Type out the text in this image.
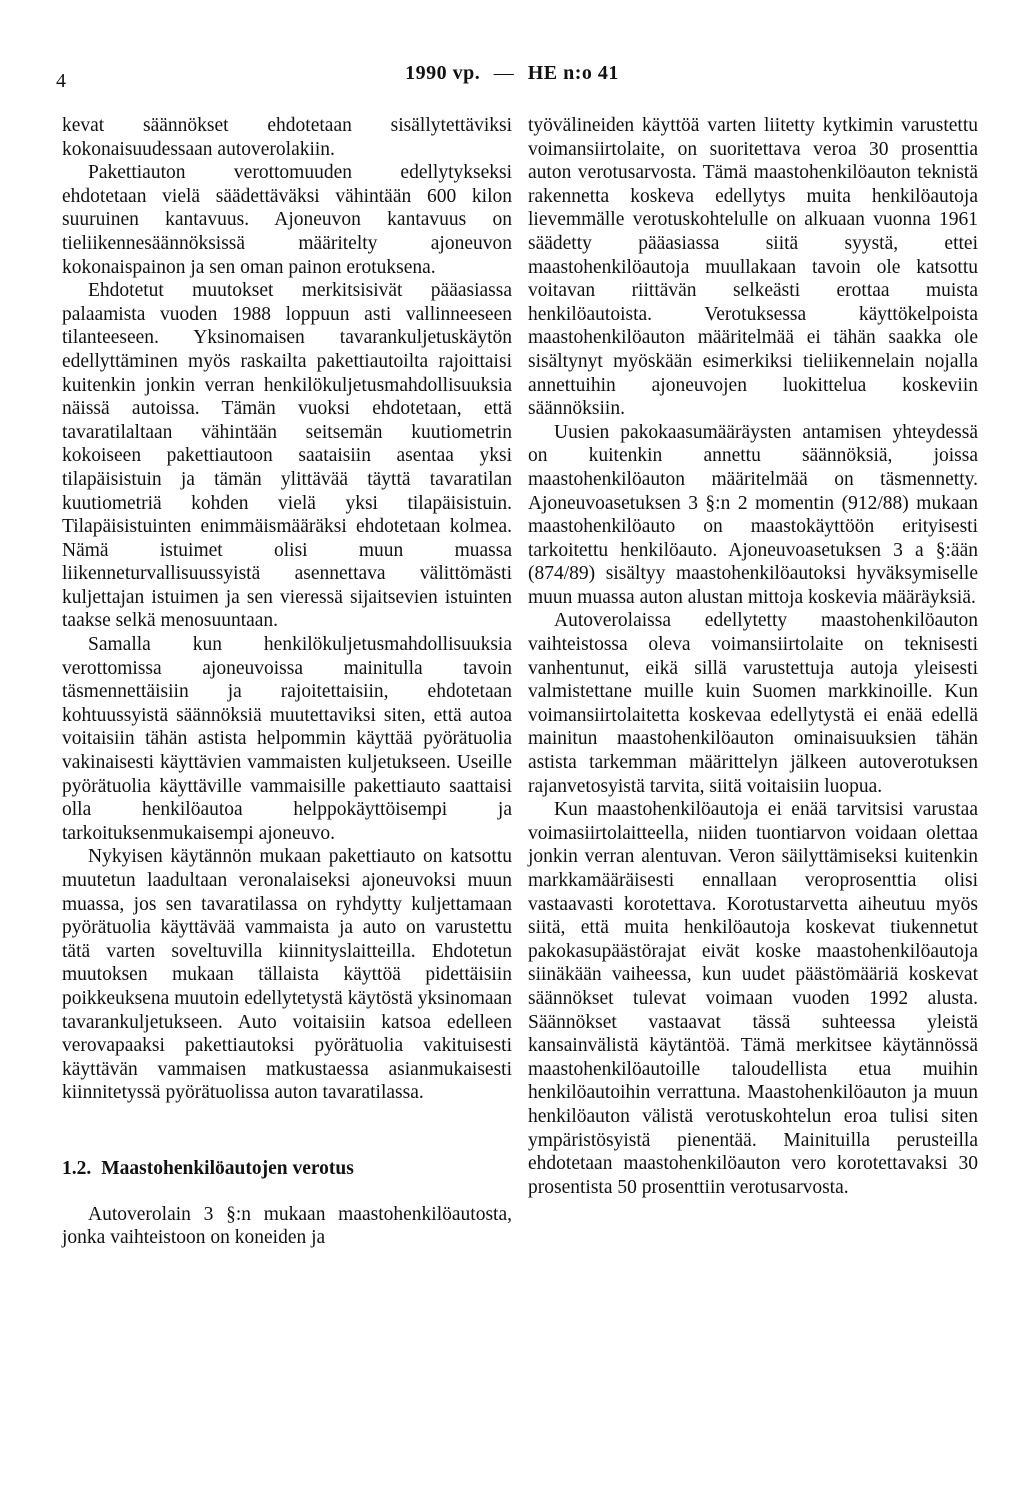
4	1990 vp. — HE n:o 41

kevat säännökset ehdotetaan sisällytettäviksi kokonaisuudessaan autoverolakiin.

Pakettiauton verottomuuden edellytykseksi ehdotetaan vielä säädettäväksi vähintään 600 kilon suuruinen kantavuus. Ajoneuvon kantavuus on tieliikennesäännöksissä määritelty ajoneuvon kokonaispainon ja sen oman painon erotuksena.

Ehdotetut muutokset merkitsisivät pääasiassa palaamista vuoden 1988 loppuun asti vallinneeseen tilanteeseen. Yksinomaisen tavarankuljetuskäytön edellyttäminen myös raskailta pakettiautoilta rajoittaisi kuitenkin jonkin verran henkilökuljetusmahdollisuuksia näissä autoissa. Tämän vuoksi ehdotetaan, että tavaratilaltaan vähintään seitsemän kuutiometrin kokoiseen pakettiautoon saataisiin asentaa yksi tilapäisistuin ja tämän ylittävää täyttä tavaratilan kuutiometriä kohden vielä yksi tilapäisistuin. Tilapäisistuinten enimmäismääräksi ehdotetaan kolmea. Nämä istuimet olisi muun muassa liikenneturvallisuussyistä asennettava välittömästi kuljettajan istuimen ja sen vieressä sijaitsevien istuinten taakse selkä menosuuntaan.

Samalla kun henkilökuljetusmahdollisuuksia verottomissa ajoneuvoissa mainitulla tavoin täsmennettäisiin ja rajoitettaisiin, ehdotetaan kohtuussyistä säännöksiä muutettaviksi siten, että autoa voitaisiin tähän astista helpommin käyttää pyörätuolia vakinaisesti käyttävien vammaisten kuljetukseen. Useille pyörätuolia käyttäville vammaisille pakettiauto saattaisi olla henkilöautoa helppokäyttöisempi ja tarkoituksenmukaisempi ajoneuvo.

Nykyisen käytännön mukaan pakettiauto on katsottu muutetun laadultaan veronalaiseksi ajoneuvoksi muun muassa, jos sen tavaratilassa on ryhdytty kuljettamaan pyörätuolia käyttävää vammaista ja auto on varustettu tätä varten soveltuvilla kiinnityslaitteilla. Ehdotetun muutoksen mukaan tällaista käyttöä pidettäisiin poikkeuksena muutoin edellytetystä käytöstä yksinomaan tavarankuljetukseen. Auto voitaisiin katsoa edelleen verovapaaksi pakettiautoksi pyörätuolia vakituisesti käyttävän vammaisen matkustaessa asianmukaisesti kiinnitetyssä pyörätuolissa auton tavaratilassa.

1.2. Maastohenkilöautojen verotus

Autoverolain 3 §:n mukaan maastohenkilöautosta, jonka vaihteistoon on koneiden ja

työvälineiden käyttöä varten liitetty kytkimin varustettu voimansiirtolaite, on suoritettava veroa 30 prosenttia auton verotusarvosta. Tämä maastohenkilöauton teknistä rakennetta koskeva edellytys muita henkilöautoja lievemmälle verotuskohtelulle on alkuaan vuonna 1961 säädetty pääasiassa siitä syystä, ettei maastohenkilöautoja muullakaan tavoin ole katsottu voitavan riittävän selkeästi erottaa muista henkilöautoista. Verotuksessa käyttökelpoista maastohenkilöauton määritelmää ei tähän saakka ole sisältynyt myöskään esimerkiksi tieliikennelain nojalla annettuihin ajoneuvojen luokittelua koskeviin säännöksiin.

Uusien pakokaasumääräysten antamisen yhteydessä on kuitenkin annettu säännöksiä, joissa maastohenkilöauton määritelmää on täsmennetty. Ajoneuvoasetuksen 3 §:n 2 momentin (912/88) mukaan maastohenkilöauto on maastokäyttöön erityisesti tarkoitettu henkilöauto. Ajoneuvoasetuksen 3 a §:ään (874/89) sisältyy maastohenkilöautoksi hyväksymiselle muun muassa auton alustan mittoja koskevia määräyksiä.

Autoverolaissa edellytetty maastohenkilöauton vaihteistossa oleva voimansiirtolaite on teknisesti vanhentunut, eikä sillä varustettuja autoja yleisesti valmistettane muille kuin Suomen markkinoille. Kun voimansiirtolaitetta koskevaa edellytystä ei enää edellä mainitun maastohenkilöauton ominaisuuksien tähän astista tarkemman määrittelyn jälkeen autoverotuksen rajanvetosyistä tarvita, siitä voitaisiin luopua.

Kun maastohenkilöautoja ei enää tarvitsisi varustaa voimasiirtolaitteella, niiden tuontiarvon voidaan olettaa jonkin verran alentuvan. Veron säilyttämiseksi kuitenkin markkamääräisesti ennallaan veroprosenttia olisi vastaavasti korotettava. Korotustarvetta aiheutuu myös siitä, että muita henkilöautoja koskevat tiukennetut pakokasupäästörajat eivät koske maastohenkilöautoja siinäkään vaiheessa, kun uudet päästömääriä koskevat säännökset tulevat voimaan vuoden 1992 alusta. Säännökset vastaavat tässä suhteessa yleistä kansainvälistä käytäntöä. Tämä merkitsee käytännössä maastohenkilöautoille taloudellista etua muihin henkilöautoihin verrattuna. Maastohenkilöauton ja muun henkilöauton välistä verotuskohtelun eroa tulisi siten ympäristösyistä pienentää. Mainituilla perusteilla ehdotetaan maastohenkilöauton vero korotettavaksi 30 prosentista 50 prosenttiin verotusarvosta.
